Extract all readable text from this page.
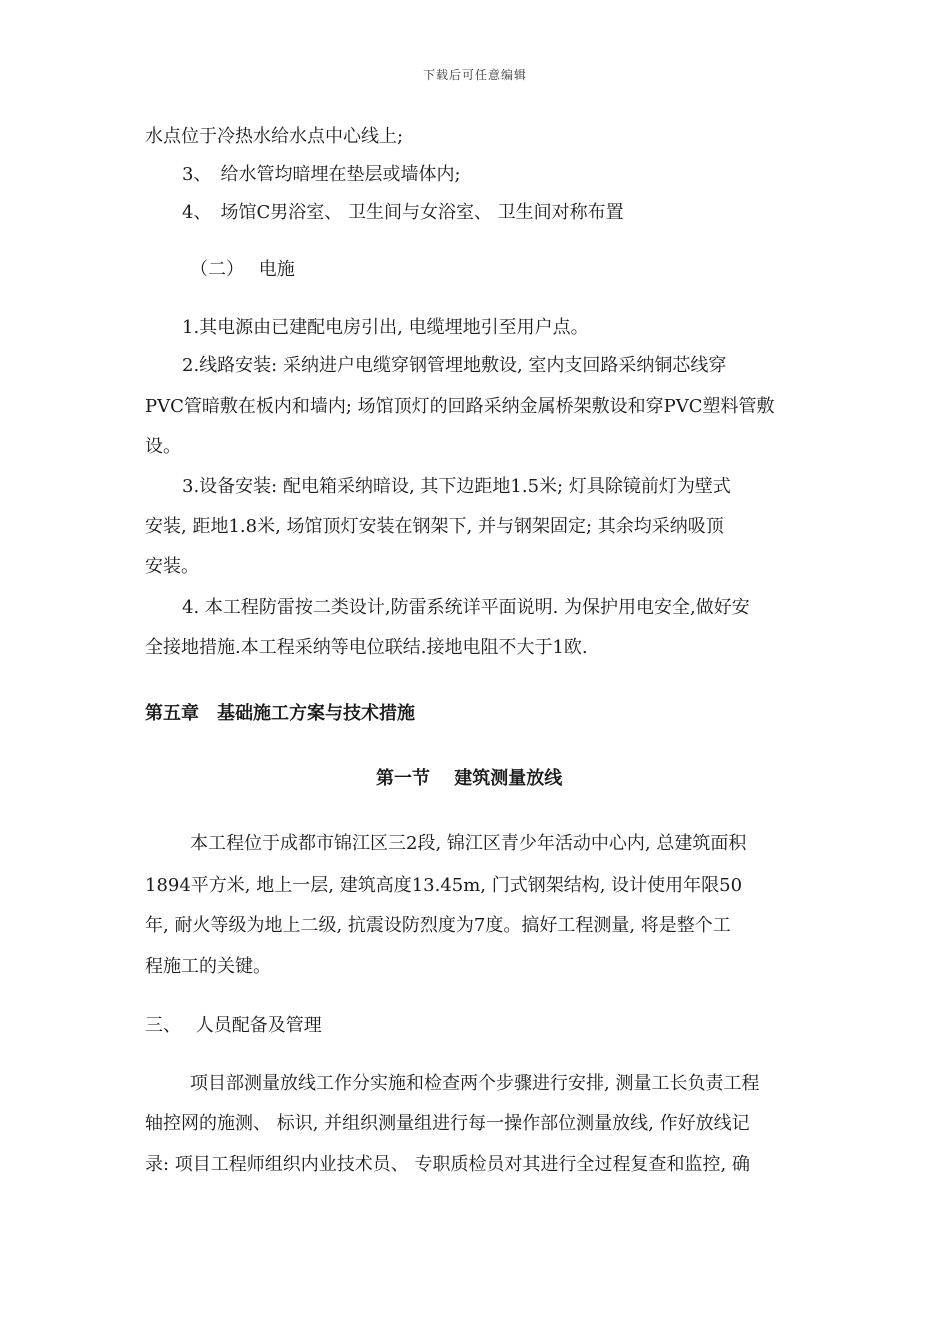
下载后可任意编辑
水点位于冷热水给水点中心线上;
3、　给水管均暗埋在垫层或墙体内;
4、　场馆C男浴室、 卫生间与女浴室、 卫生间对称布置
（二）　 电施
1.其电源由已建配电房引出, 电缆埋地引至用户点。
2.线路安装: 采纳进户电缆穿钢管埋地敷设, 室内支回路采纳铜芯线穿
PVC管暗敷在板内和墙内; 场馆顶灯的回路采纳金属桥架敷设和穿PVC塑料管敷
设。
3.设备安装: 配电箱采纳暗设, 其下边距地1.5米; 灯具除镜前灯为壁式
安装, 距地1.8米, 场馆顶灯安装在钢架下, 并与钢架固定; 其余均采纳吸顶
安装。
4. 本工程防雷按二类设计,防雷系统详平面说明. 为保护用电安全,做好安
全接地措施.本工程采纳等电位联结.接地电阻不大于1欧.
第五章　基础施工方案与技术措施
第一节　 建筑测量放线
本工程位于成都市锦江区三2段, 锦江区青少年活动中心内, 总建筑面积
1894平方米, 地上一层, 建筑高度13.45m, 门式钢架结构, 设计使用年限50
年, 耐火等级为地上二级, 抗震设防烈度为7度。搞好工程测量, 将是整个工
程施工的关键。
三、　 人员配备及管理
项目部测量放线工作分实施和检查两个步骤进行安排, 测量工长负责工程
轴控网的施测、 标识, 并组织测量组进行每一操作部位测量放线, 作好放线记
录: 项目工程师组织内业技术员、 专职质检员对其进行全过程复查和监控, 确
